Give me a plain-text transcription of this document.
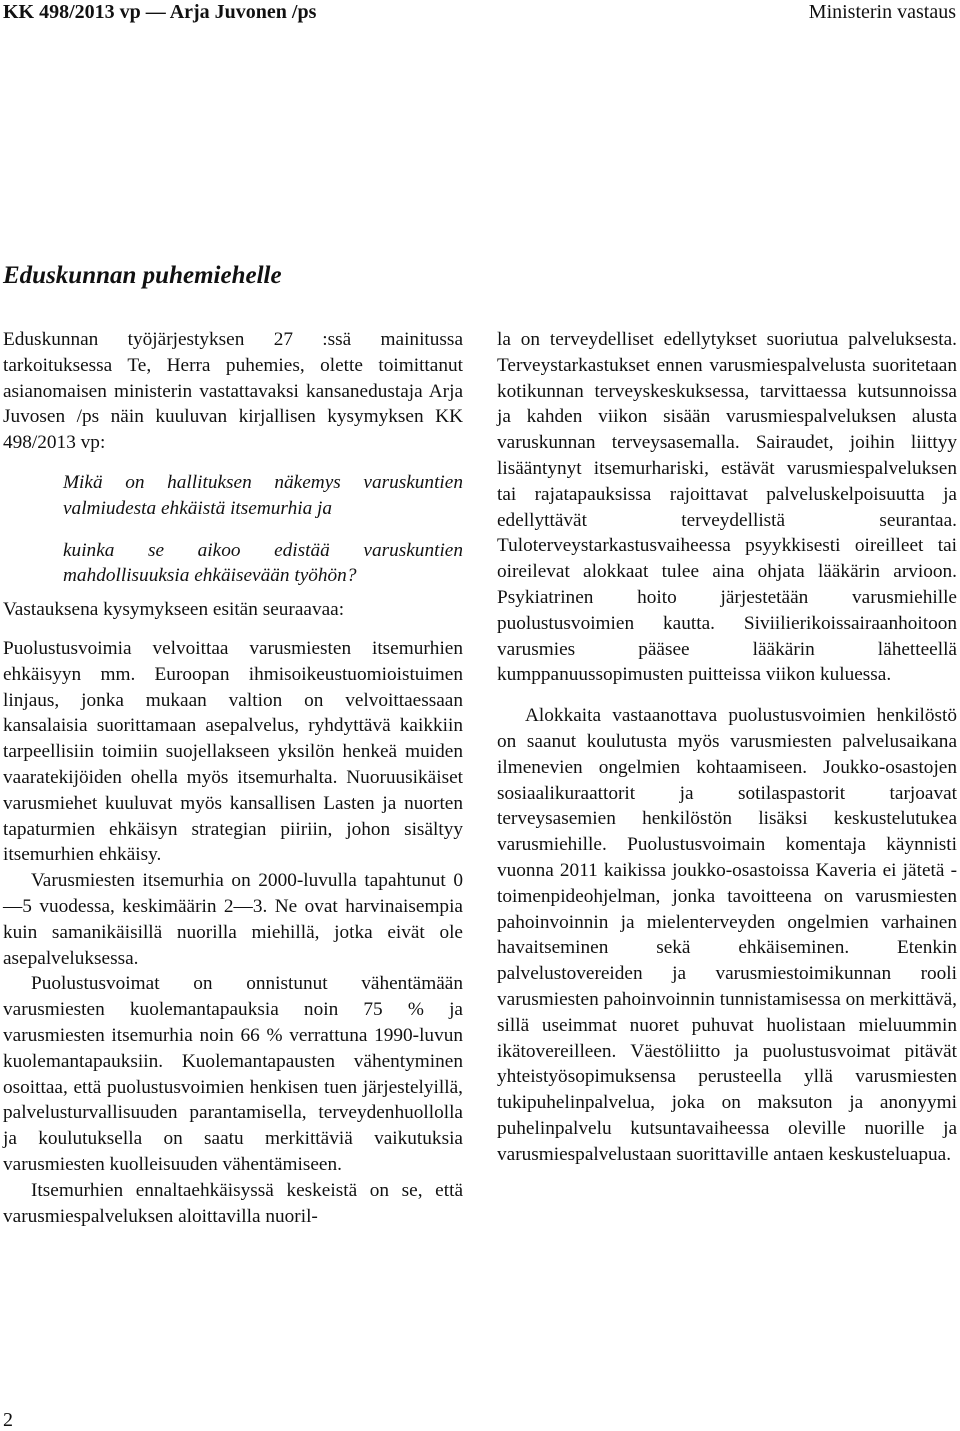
KK 498/2013 vp — Arja Juvonen /ps	Ministerin vastaus
Eduskunnan puhemiehelle

Eduskunnan työjärjestyksen 27 :ssä mainitussa tarkoituksessa Te, Herra puhemies, olette toimittanut asianomaisen ministerin vastattavaksi kansanedustaja Arja Juvosen /ps näin kuuluvan kirjallisen kysymyksen KK 498/2013 vp:

Mikä on hallituksen näkemys varuskuntien valmiudesta ehkäistä itsemurhia ja

kuinka se aikoo edistää varuskuntien mahdollisuuksia ehkäisevään työhön?

Vastauksena kysymykseen esitän seuraavaa:

Puolustusvoimia velvoittaa varusmiesten itsemurhien ehkäisyyn mm. Euroopan ihmisoikeustuomioistuimen linjaus, jonka mukaan valtion on velvoittaessaan kansalaisia suorittamaan asepalvelus, ryhdyttävä kaikkiin tarpeellisiin toimiin suojellakseen yksilön henkeä muiden vaaratekijöiden ohella myös itsemurhalta. Nuoruusikäiset varusmiehet kuuluvat myös kansallisen Lasten ja nuorten tapaturmien ehkäisyn strategian piiriin, johon sisältyy itsemurhien ehkäisy.

Varusmiesten itsemurhia on 2000-luvulla tapahtunut 0—5 vuodessa, keskimäärin 2—3. Ne ovat harvinaisempia kuin samanikäisillä nuorilla miehillä, jotka eivät ole asepalveluksessa.

Puolustusvoimat on onnistunut vähentämään varusmiesten kuolemantapauksia noin 75 % ja varusmiesten itsemurhia noin 66 % verrattuna 1990-luvun kuolemantapauksiin. Kuolemantapausten vähentyminen osoittaa, että puolustusvoimien henkisen tuen järjestelyillä, palvelusturvallisuuden parantamisella, terveydenhuollolla ja koulutuksella on saatu merkittäviä vaikutuksia varusmiesten kuolleisuuden vähentämiseen.

Itsemurhien ennaltaehkäisyssä keskeistä on se, että varusmiespalveluksen aloittavilla nuoril-

la on terveydelliset edellytykset suoriutua palveluksesta. Terveystarkastukset ennen varusmiespalvelusta suoritetaan kotikunnan terveyskeskuksessa, tarvittaessa kutsunnoissa ja kahden viikon sisään varusmiespalveluksen alusta varuskunnan terveysasemalla. Sairaudet, joihin liittyy lisääntynyt itsemurhariski, estävät varusmiespalveluksen tai rajatapauksissa rajoittavat palveluskelpoisuutta ja edellyttävät terveydellistä seurantaa. Tuloterveystarkastusvaiheessa psyykkisesti oireilleet tai oireilevat alokkaat tulee aina ohjata lääkärin arvioon. Psykiatrinen hoito järjestetään varusmiehille puolustusvoimien kautta. Siviilierikoissairaanhoitoon varusmies pääsee lääkärin lähetteellä kumppanuussopimusten puitteissa viikon kuluessa.

Alokkaita vastaanottava puolustusvoimien henkilöstö on saanut koulutusta myös varusmiesten palvelusaikana ilmenevien ongelmien kohtaamiseen. Joukko-osastojen sosiaalikuraattorit ja sotilaspastorit tarjoavat terveysasemien henkilöstön lisäksi keskustelutukea varusmiehille. Puolustusvoimain komentaja käynnisti vuonna 2011 kaikissa joukko-osastoissa Kaveria ei jätetä -toimenpideohjelman, jonka tavoitteena on varusmiesten pahoinvoinnin ja mielenterveyden ongelmien varhainen havaitseminen sekä ehkäiseminen. Etenkin palvelustovereiden ja varusmiestoimikunnan rooli varusmiesten pahoinvoinnin tunnistamisessa on merkittävä, sillä useimmat nuoret puhuvat huolistaan mieluummin ikätovereilleen. Väestöliitto ja puolustusvoimat pitävät yhteistyösopimuksensa perusteella yllä varusmiesten tukipuhelinpalvelua, joka on maksuton ja anonyymi puhelinpalvelu kutsuntavaiheessa oleville nuorille ja varusmiespalvelustaan suorittaville antaen keskusteluapua.

2
